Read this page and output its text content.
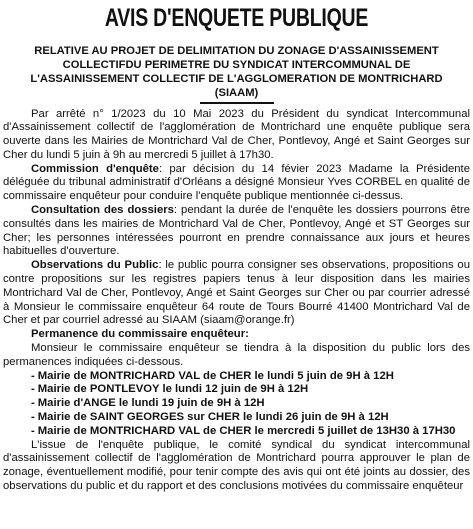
AVIS D'ENQUETE PUBLIQUE
RELATIVE AU PROJET DE DELIMITATION DU ZONAGE D'ASSAINISSEMENT
COLLECTIFDU PERIMETRE DU SYNDICAT INTERCOMMUNAL DE
L'ASSAINISSEMENT COLLECTIF DE L'AGGLOMERATION DE MONTRICHARD
(SIAAM)

Par arrêté n° 1/2023 du 10 Mai 2023 du Président du syndicat Intercommunal d'Assainissement collectif de l'agglomération de Montrichard une enquête publique sera ouverte dans les Mairies de Montrichard Val de Cher, Pontlevoy, Angé et Saint Georges sur Cher du lundi 5 juin à 9h au mercredi 5 juillet à 17h30.

Commission d'enquête: par décision du 14 févier 2023 Madame la Présidente déléguée du tribunal administratif d'Orléans a désigné Monsieur Yves CORBEL en qualité de commissaire enquêteur pour conduire l'enquête publique mentionnée ci-dessus.

Consultation des dossiers: pendant la durée de l'enquête les dossiers pourrons être consultés dans les mairies de Montrichard Val de Cher, Pontlevoy, Angé et ST Georges sur Cher; les personnes intéressées pourront en prendre connaissance aux jours et heures habituelles d'ouverture.

Observations du Public: le public pourra consigner ses observations, propositions ou contre propositions sur les registres papiers tenus à leur disposition dans les mairies Montrichard Val de Cher, Pontlevoy, Angé et Saint Georges sur Cher ou par courrier adressé à Monsieur le commissaire enquêteur 64 route de Tours Bourré 41400 Montrichard Val de Cher et par courriel adressé au SIAAM (siaam@orange.fr)

Permanence du commissaire enquêteur:

Monsieur le commissaire enquêteur se tiendra à la disposition du public lors des permanences indiquées ci-dessous.

- Mairie de MONTRICHARD VAL de CHER le lundi 5 juin de 9H à 12H
- Mairie de PONTLEVOY le lundi 12 juin de 9H à 12H
- Mairie d'ANGE le lundi 19 juin de 9H à 12H
- Mairie de SAINT GEORGES sur CHER le lundi 26 juin de 9H à 12H
- Mairie de MONTRICHARD VAL de CHER le mercredi 5 juillet de 13H30 à 17H30

L'issue de l'enquête publique, le comité syndical du syndicat intercommunal d'assainissement collectif de l'agglomération de Montrichard pourra approuver le plan de zonage, éventuellement modifié, pour tenir compte des avis qui ont été joints au dossier, des observations du public et du rapport et des conclusions motivées du commissaire enquêteur
